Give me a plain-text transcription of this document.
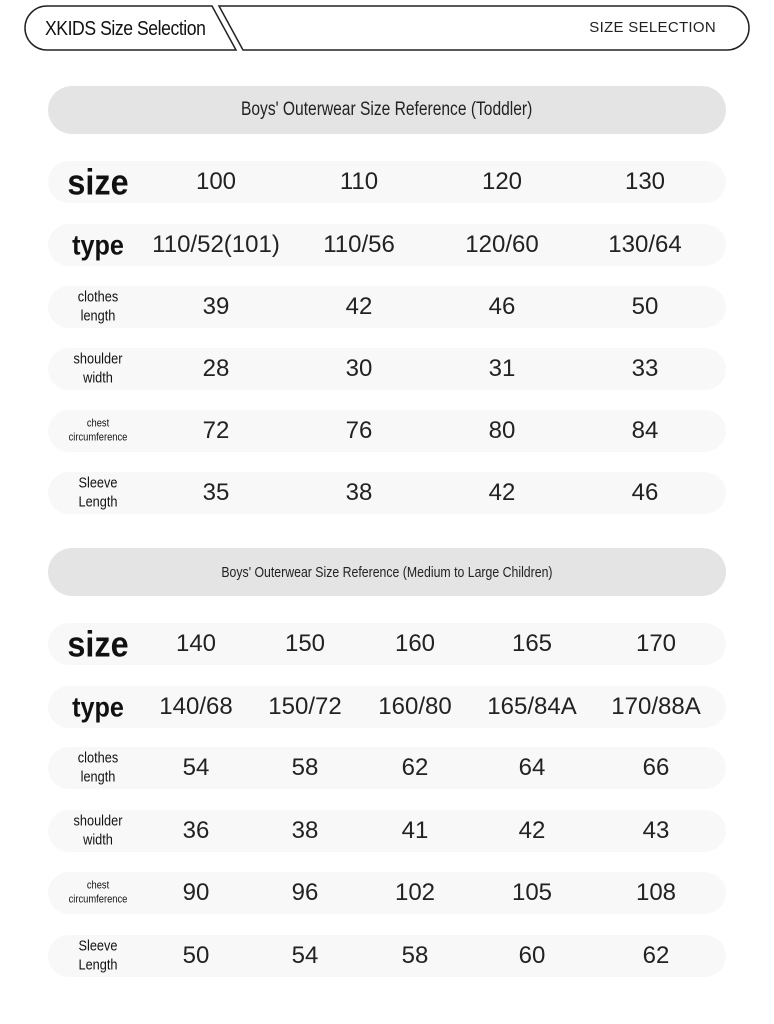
XKIDS Size Selection	SIZE SELECTION
Boys' Outerwear Size Reference (Toddler)
size	100	110	120	130
type	110/52(101) 110/56	120/60	130/64
clothes
length	39	42	46	50
shoulder
width	28	30	31	33
chest
circumference	72	76	80	84
Sleeve
Length	35	38	42	46
Boys' Outerwear Size Reference (Medium to Large Children)
size	140	150	160	165	170
type	140/68 150/72 160/80 165/84A 170/88A
clothes
length	54	58	62	64	66
shoulder
width	36	38	41	42	43
chest
circumference	90	96	102	105	108
Sleeve
Length	50	54	58	60	62
